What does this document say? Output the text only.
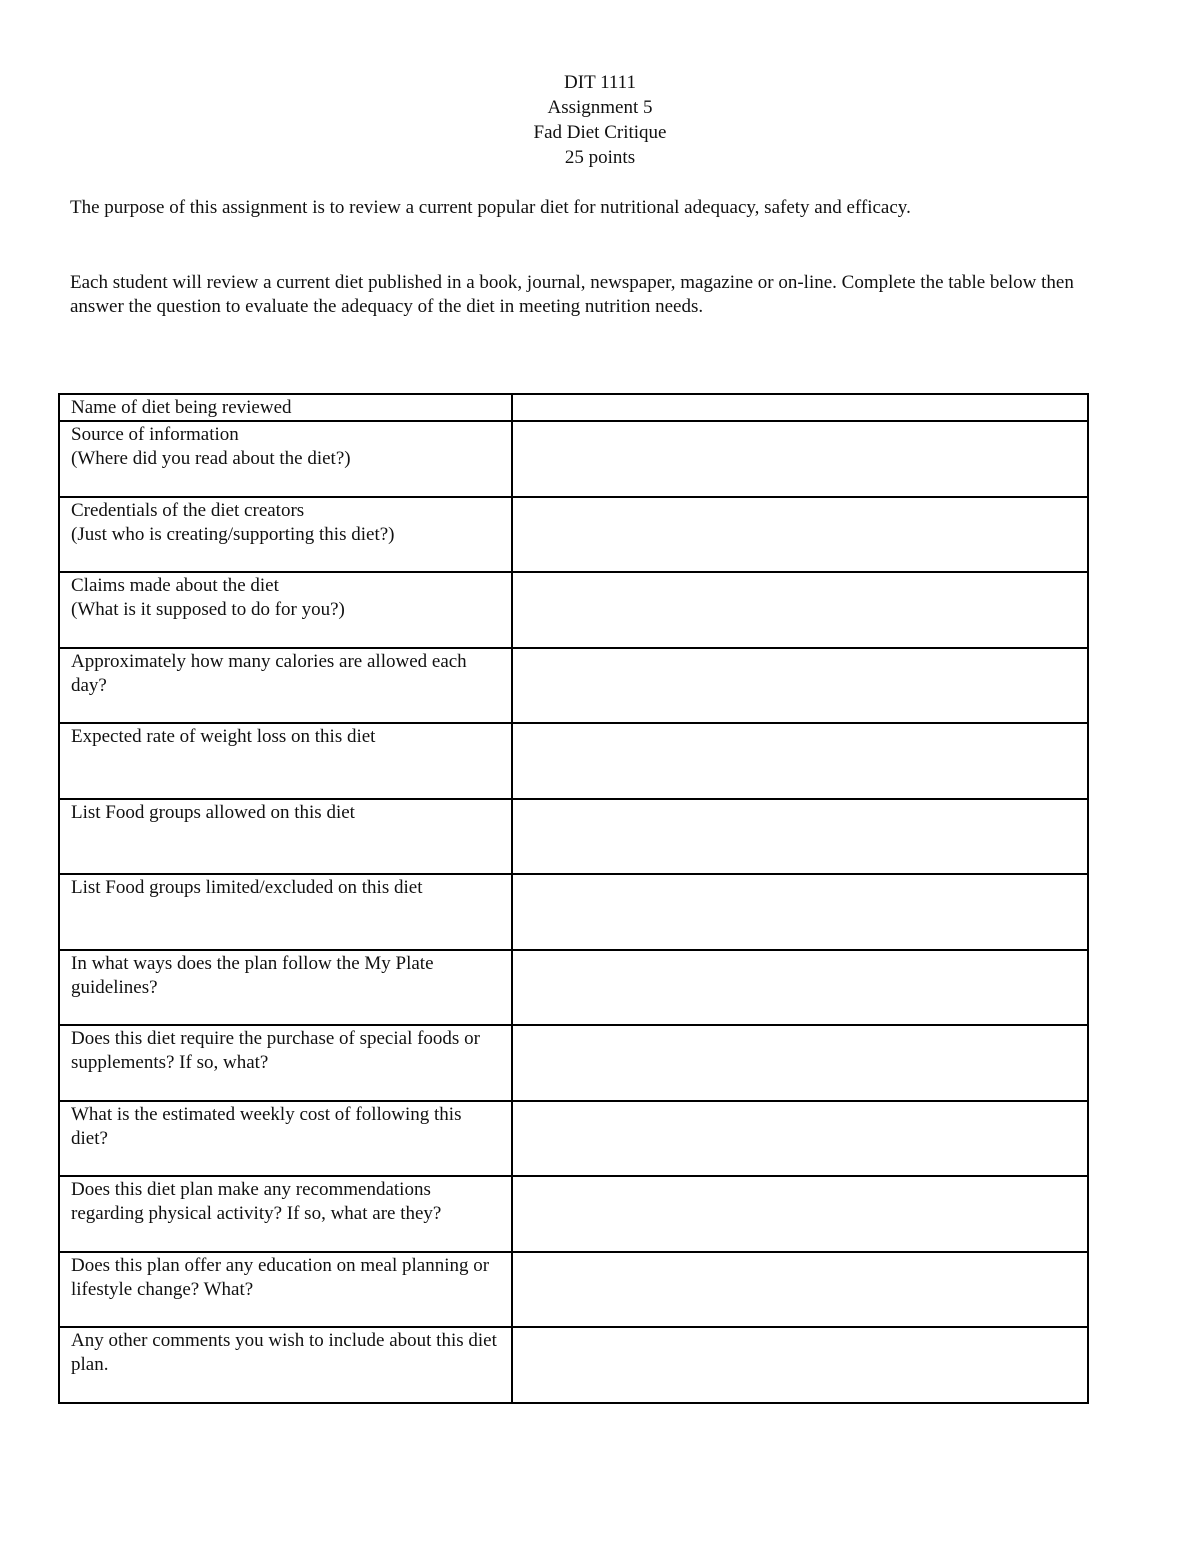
DIT 1111
Assignment 5
Fad Diet Critique
25 points
The purpose of this assignment is to review a current popular diet for nutritional adequacy, safety and efficacy.
Each student will review a current diet published in a book, journal, newspaper, magazine or on-line. Complete the table below then answer the question to evaluate the adequacy of the diet in meeting nutrition needs.
Name of diet being reviewed	

Source of information
(Where did you read about the diet?)	

Credentials of the diet creators
(Just who is creating/supporting this diet?)	

Claims made about the diet
(What is it supposed to do for you?)	

Approximately how many calories are allowed each day?	

Expected rate of weight loss on this diet	

List Food groups allowed on this diet	

List Food groups limited/excluded on this diet	

In what ways does the plan follow the My Plate guidelines?	

Does this diet require the purchase of special foods or supplements? If so, what?	

What is the estimated weekly cost of following this diet?	

Does this diet plan make any recommendations regarding physical activity? If so, what are they?	

Does this plan offer any education on meal planning or lifestyle change? What?	

Any other comments you wish to include about this diet plan.	
